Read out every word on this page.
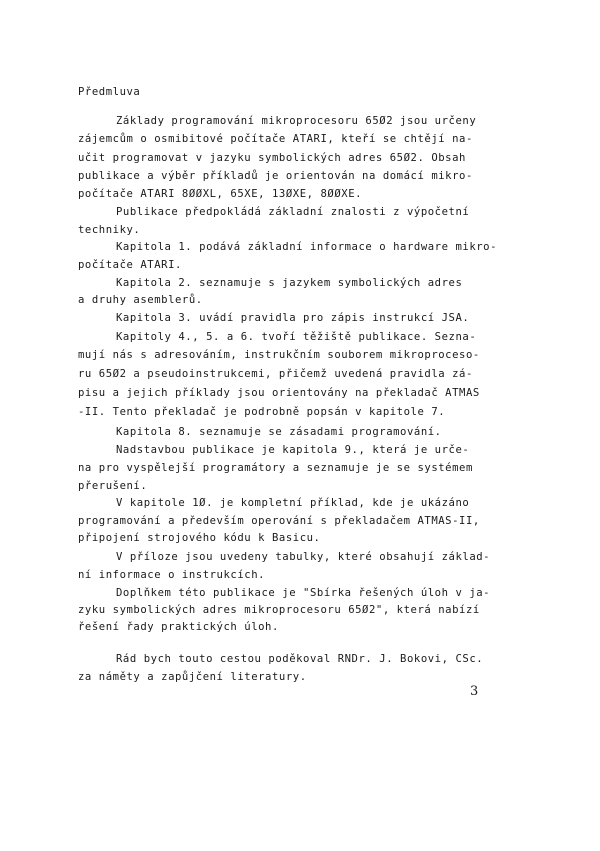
Předmluva
Základy programování mikroprocesoru 65Ø2 jsou určeny
zájemcům o osmibitové počítače ATARI, kteří se chtějí na-
učit programovat v jazyku symbolických adres 65Ø2. Obsah
publikace a výběr příkladů je orientován na domácí mikro-
počítače ATARI 8ØØXL, 65XE, 13ØXE, 8ØØXE.
Publikace předpokládá základní znalosti z výpočetní
techniky.
Kapitola 1. podává základní informace o hardware mikro-
počítače ATARI.
Kapitola 2. seznamuje s jazykem symbolických adres
a druhy asemblerů.
Kapitola 3. uvádí pravidla pro zápis instrukcí JSA.
Kapitoly 4., 5. a 6. tvoří těžiště publikace. Sezna-
mují nás s adresováním, instrukčním souborem mikroproceso-
ru 65Ø2 a pseudoinstrukcemi, přičemž uvedená pravidla zá-
pisu a jejich příklady jsou orientovány na překladač ATMAS
-II. Tento překladač je podrobně popsán v kapitole 7.
Kapitola 8. seznamuje se zásadami programování.
Nadstavbou publikace je kapitola 9., která je urče-
na pro vyspělejší programátory a seznamuje je se systémem
přerušení.
V kapitole 1Ø. je kompletní příklad, kde je ukázáno
programování a především operování s překladačem ATMAS-II,
připojení strojového kódu k Basicu.
V příloze jsou uvedeny tabulky, které obsahují základ-
ní informace o instrukcích.
Doplňkem této publikace je "Sbírka řešených úloh v ja-
zyku symbolických adres mikroprocesoru 65Ø2", která nabízí
řešení řady praktických úloh.
Rád bych touto cestou poděkoval RNDr. J. Bokovi, CSc.
za náměty a zapůjčení literatury.
3
